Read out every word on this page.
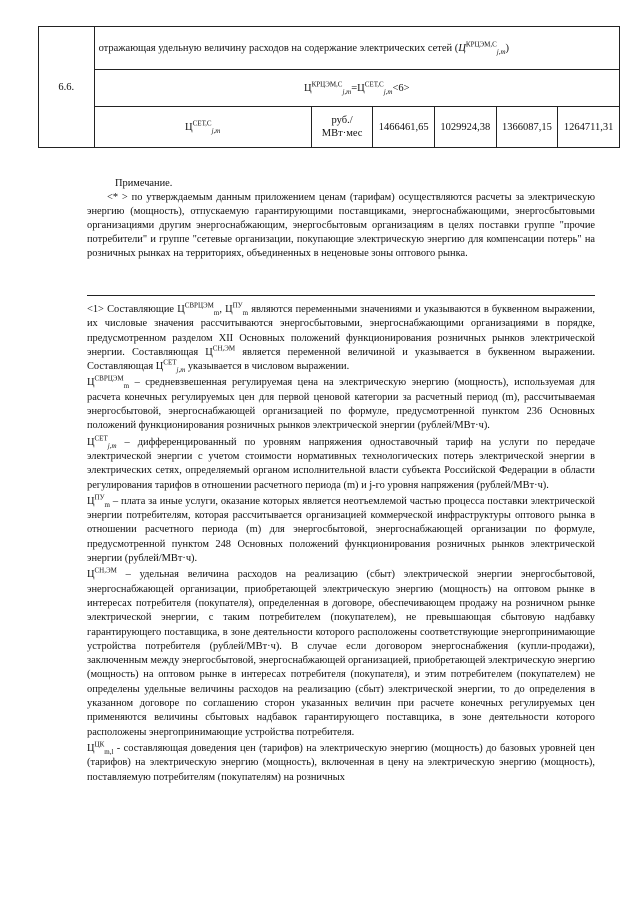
6.6.	отражающая удельную величину расходов на содержание электрических сетей $(Ц^{КРЦЭМ,С}_{j,m})$					
	$Ц^{КРЦЭМ,С}_{j,m}=Ц^{СЕТ,С}_{j,m}<6>$					
	$Ц^{СЕТ,С}_{j,m}$	руб./
МВт·мес	1466461,65	1029924,38	1366087,15	1264711,31

Примечание.

<* > по утверждаемым данным приложением ценам (тарифам) осуществляются расчеты за электрическую энергию (мощность), отпускаемую гарантирующими поставщиками, энергоснабжающими, энергосбытовыми организациями другим энергоснабжающим, энергосбытовым организациям в целях поставки группе "прочие потребители" и группе "сетевые организации, покупающие электрическую энергию для компенсации потерь" на розничных рынках на территориях, объединенных в неценовые зоны оптового рынка.

<1> Составляющие $Ц^{СВРЦЭМ}_m$, $Ц^{ПУ}_m$ являются переменными значениями и указываются в буквенном выражении, их числовые значения рассчитываются энергосбытовыми, энергоснабжающими организациями в порядке, предусмотренном разделом XII Основных положений функционирования розничных рынков электрической энергии. Составляющая $Ц^{СН,ЭМ}$ является переменной величиной и указывается в буквенном выражении. Составляющая $Ц^{СЕТ}_{j,m}$ указывается в числовом выражении.

$Ц^{СВРЦЭМ}_m$ – средневзвешенная регулируемая цена на электрическую энергию (мощность), используемая для расчета конечных регулируемых цен для первой ценовой категории за расчетный период (m), рассчитываемая энергосбытовой, энергоснабжающей организацией по формуле, предусмотренной пунктом 236 Основных положений функционирования розничных рынков электрической энергии (рублей/МВт·ч).

$Ц^{СЕТ}_{j,m}$ – дифференцированный по уровням напряжения одноставочный тариф на услуги по передаче электрической энергии с учетом стоимости нормативных технологических потерь электрической энергии в электрических сетях, определяемый органом исполнительной власти субъекта Российской Федерации в области регулирования тарифов в отношении расчетного периода (m) и j-го уровня напряжения (рублей/МВт·ч).

$Ц^{ПУ}_m$ – плата за иные услуги, оказание которых является неотъемлемой частью процесса поставки электрической энергии потребителям, которая рассчитывается организацией коммерческой инфраструктуры оптового рынка в отношении расчетного периода (m) для энергосбытовой, энергоснабжающей организации по формуле, предусмотренной пунктом 248 Основных положений функционирования розничных рынков электрической энергии (рублей/МВт·ч).

$Ц^{СН,ЭМ}$ – удельная величина расходов на реализацию (сбыт) электрической энергии энергосбытовой, энергоснабжающей организации, приобретающей электрическую энергию (мощность) на оптовом рынке в интересах потребителя (покупателя), определенная в договоре, обеспечивающем продажу на розничном рынке электрической энергии, с таким потребителем (покупателем), не превышающая сбытовую надбавку гарантирующего поставщика, в зоне деятельности которого расположены соответствующие энергопринимающие устройства потребителя (рублей/МВт·ч). В случае если договором энергоснабжения (купли-продажи), заключенным между энергосбытовой, энергоснабжающей организацией, приобретающей электрическую энергию (мощность) на оптовом рынке в интересах потребителя (покупателя), и этим потребителем (покупателем) не определены удельные величины расходов на реализацию (сбыт) электрической энергии, то до определения в указанном договоре по соглашению сторон указанных величин при расчете конечных регулируемых цен применяются величины сбытовых надбавок гарантирующего поставщика, в зоне деятельности которого расположены энергопринимающие устройства потребителя.

$Ц^{ЦК}_{m,l}$ - составляющая доведения цен (тарифов) на электрическую энергию (мощность) до базовых уровней цен (тарифов) на электрическую энергию (мощность), включенная в цену на электрическую энергию (мощность), поставляемую потребителям (покупателям) на розничных
